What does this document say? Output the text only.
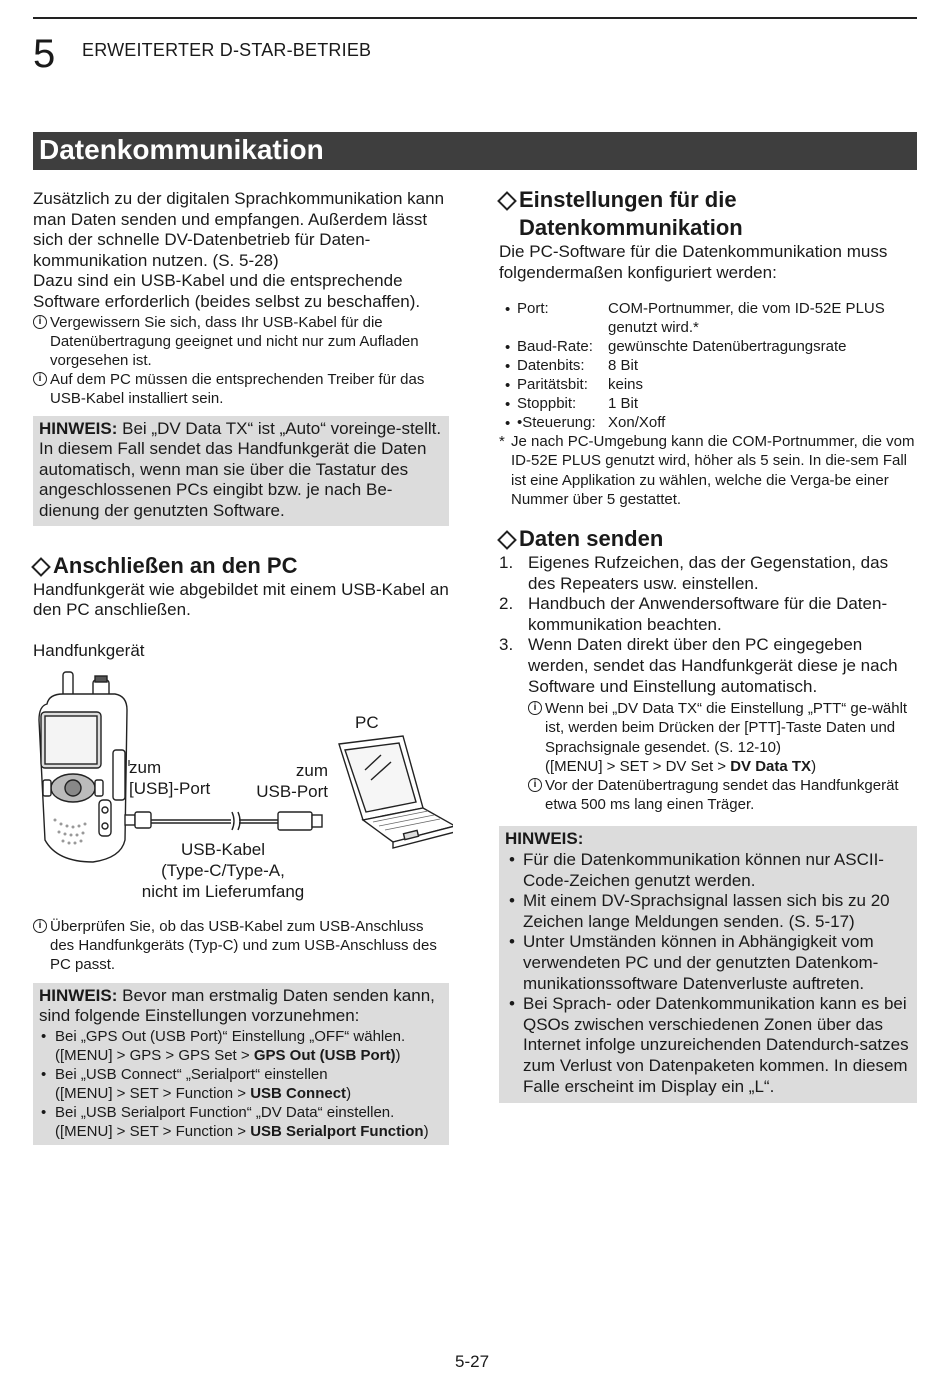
5 ERWEITERTER D-STAR-BETRIEB
Datenkommunikation

Zusätzlich zu der digitalen Sprachkommunikation kann man Daten senden und empfangen. Außerdem lässt sich der schnelle DV-Datenbetrieb für Daten-kommunikation nutzen. (S. 5-28)

Dazu sind ein USB-Kabel und die entsprechende Software erforderlich (beides selbst zu beschaffen).

i Vergewissern Sie sich, dass Ihr USB-Kabel für die Datenübertragung geeignet und nicht nur zum Aufladen vorgesehen ist.
i Auf dem PC müssen die entsprechenden Treiber für das USB-Kabel installiert sein.
HINWEIS: Bei „DV Data TX“ ist „Auto“ voreinge-stellt. In diesem Fall sendet das Handfunkgerät die Daten automatisch, wenn man sie über die Tastatur des angeschlossenen PCs eingibt bzw. je nach Be-dienung der genutzten Software.
Anschließen an den PC

Handfunkgerät wie abgebildet mit einem USB-Kabel an den PC anschließen.

Handfunkgerät
zum
[USB]-Port
PC
zum
USB-Port
USB-Kabel
(Type-C/Type-A,
nicht im Lieferumfang
i Überprüfen Sie, ob das USB-Kabel zum USB-Anschluss des Handfunkgeräts (Typ-C) und zum USB-Anschluss des PC passt.
HINWEIS: Bevor man erstmalig Daten senden kann, sind folgende Einstellungen vorzunehmen:
• Bei „GPS Out (USB Port)“ Einstellung „OFF“ wählen.
([MENU] > GPS > GPS Set > GPS Out (USB Port))
• Bei „USB Connect“ „Serialport“ einstellen
([MENU] > SET > Function > USB Connect)
• Bei „USB Serialport Function“ „DV Data“ einstellen.
([MENU] > SET > Function > USB Serialport Function)
Einstellungen für die
Datenkommunikation

Die PC-Software für die Datenkommunikation muss folgendermaßen konfiguriert werden:

• Port:	COM-Portnummer, die vom ID-52E PLUS genutzt wird.*

• Baud-Rate:	gewünschte Datenübertragungsrate

• Datenbits:	8 Bit

• Paritätsbit:	keins

• Stoppbit:	1 Bit

• •Steuerung:	Xon/Xoff
* Je nach PC-Umgebung kann die COM-Portnummer, die vom ID-52E PLUS genutzt wird, höher als 5 sein. In die-sem Fall ist eine Applikation zu wählen, welche die Verga-be einer Nummer über 5 gestattet.
Daten senden
1. Eigenes Rufzeichen, das der Gegenstation, das des Repeaters usw. einstellen.
2. Handbuch der Anwendersoftware für die Daten-kommunikation beachten.
3. Wenn Daten direkt über den PC eingegeben werden, sendet das Handfunkgerät diese je nach Software und Einstellung automatisch.
i Wenn bei „DV Data TX“ die Einstellung „PTT“ ge-wählt ist, werden beim Drücken der [PTT]-Taste Daten und Sprachsignale gesendet. (S. 12-10)
([MENU] > SET > DV Set > DV Data TX)
i Vor der Datenübertragung sendet das Handfunkgerät etwa 500 ms lang einen Träger.
HINWEIS:
• Für die Datenkommunikation können nur ASCII-Code-Zeichen genutzt werden.
• Mit einem DV-Sprachsignal lassen sich bis zu 20 Zeichen lange Meldungen senden. (S. 5-17)
• Unter Umständen können in Abhängigkeit vom verwendeten PC und der genutzten Datenkom-munikationssoftware Datenverluste auftreten.
• Bei Sprach- oder Datenkommunikation kann es bei QSOs zwischen verschiedenen Zonen über das Internet infolge unzureichenden Datendurch-satzes zum Verlust von Datenpaketen kommen. In diesem Falle erscheint im Display ein „L“.
5-27
